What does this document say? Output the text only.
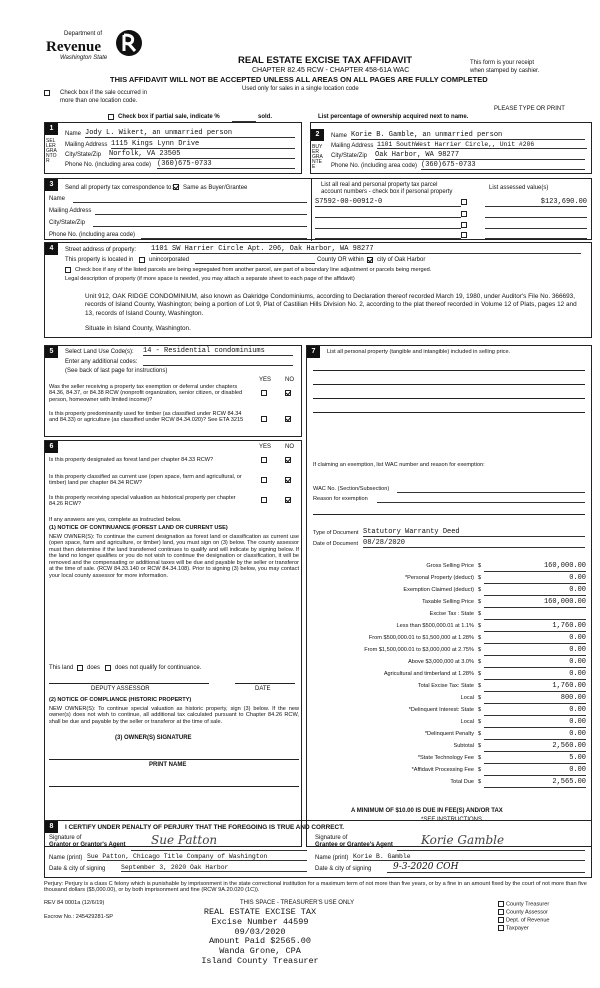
Department of
Revenue
Washington State	REAL ESTATE EXCISE TAX AFFIDAVIT
CHAPTER 82.45 RCW - CHAPTER 458-61A WAC
THIS AFFIDAVIT WILL NOT BE ACCEPTED UNLESS ALL AREAS ON ALL PAGES ARE FULLY COMPLETED
Used only for sales in a single location code
This form is your receipt
when stamped by cashier.
Check box if the sale occurred in
more than one location code.
PLEASE TYPE OR PRINT
Check box if partial sale, indicate %	sold.	List percentage of ownership acquired next to name.
1
SELLER GRANTOR
Name Jody L. Wikert, an unmarried person
Mailing Address 1115 Kings Lynn Drive
City/State/Zip Norfolk, VA 23505
Phone No. (including area code) (360)675-0733
2
BUYER GRANTEE
Name Korie B. Gamble, an unmarried person
Mailing Address 1101 SouthWest Harrier Circle,, Unit #206
City/State/Zip Oak Harbor, WA 98277
Phone No. (including area code) (360)675-0733
3	Send all property tax correspondence to: Same as Buyer/Grantee
Name
Mailing Address
City/State/Zip
Phone No. (including area code)
List all real and personal property tax parcel
account numbers - check box if personal property
List assessed value(s)
S7592-00-00912-0	$123,690.00
4	Street address of property: 1101 SW Harrier Circle Apt. 206, Oak Harbor, WA 98277
This property is located in	unincorporated	County OR within city of Oak Harbor
Check box if any of the listed parcels are being segregated from another parcel, are part of a boundary line adjustment or parcels being merged.
Legal description of property (if more space is needed, you may attach a separate sheet to each page of the affidavit)
Unit 912, OAK RIDGE CONDOMINIUM, also known as Oakridge Condominiums, according to Declaration thereof recorded March 19, 1980, under Auditor's File No. 366693, records of Island County, Washington; being a portion of Lot 9, Plat of Castilian Hills Division No. 2, according to the plat thereof recorded in Volume 12 of Plats, pages 12 and 13, records of Island County, Washington.
Situate in Island County, Washington.
5	Select Land Use Code(s): 14 - Residential condominiums
Enter any additional codes:
(See back of last page for instructions)
YES NO
Was the seller receiving a property tax exemption or deferral under chapters 84.36, 84.37, or 84.38 RCW (nonprofit organization, senior citizen, or disabled person, homeowner with limited income)?
Is this property predominantly used for timber (as classified under RCW 84.34 and 84.33) or agriculture (as classified under RCW 84.34.020)? See ETA 3215
6	YES NO
Is this property designated as forest land per chapter 84.33 RCW?
Is this property classified as current use (open space, farm and agricultural, or timber) land per chapter 84.34 RCW?
Is this property receiving special valuation as historical property per chapter 84.26 RCW?
If any answers are yes, complete as instructed below.
(1) NOTICE OF CONTINUANCE (FOREST LAND OR CURRENT USE)
NEW OWNER(S): To continue the current designation as forest land or classification as current use (open space, farm and agriculture, or timber) land, you must sign on (3) below. The county assessor must then determine if the land transferred continues to qualify and will indicate by signing below. If the land no longer qualifies or you do not wish to continue the designation or classification, it will be removed and the compensating or additional taxes will be due and payable by the seller or transferor at the time of sale. (RCW 84.33.140 or RCW 84.34.108). Prior to signing (3) below, you may contact your local county assessor for more information.
This land does does not qualify for continuance.
DEPUTY ASSESSOR	DATE
(2) NOTICE OF COMPLIANCE (HISTORIC PROPERTY)
NEW OWNER(S): To continue special valuation as historic property, sign (3) below. If the new owner(s) does not wish to continue, all additional tax calculated pursuant to Chapter 84.26 RCW, shall be due and payable by the seller or transferor at the time of sale.
(3) OWNER(S) SIGNATURE
PRINT NAME
7	List all personal property (tangible and intangible) included in selling price.
If claiming an exemption, list WAC number and reason for exemption:
WAC No. (Section/Subsection)
Reason for exemption
Type of Document Statutory Warranty Deed
Date of Document 08/28/2020
A MINIMUM OF $10.00 IS DUE IN FEE(S) AND/OR TAX
*SEE INSTRUCTIONS
Gross Selling Price $	160,000.00
*Personal Property (deduct) $	0.00
Exemption Claimed (deduct) $	0.00
Taxable Selling Price $	160,000.00
Excise Tax : State $
Less than $500,000.01 at 1.1% $	1,760.00
From $500,000.01 to $1,500,000 at 1.28% $	0.00
From $1,500,000.01 to $3,000,000 at 2.75% $	0.00
Above $3,000,000 at 3.0% $	0.00
Agricultural and timberland at 1.28% $	0.00
Total Excise Tax: State $	1,760.00
Local $	800.00
*Delinquent Interest: State $	0.00
Local $	0.00
*Delinquent Penalty $	0.00
Subtotal $	2,560.00
*State Technology Fee $	5.00
*Affidavit Processing Fee $	0.00
Total Due $	2,565.00
8	I CERTIFY UNDER PENALTY OF PERJURY THAT THE FOREGOING IS TRUE AND CORRECT.
Signature of
Grantor or Grantor's Agent Sue Patton
Name (print) Sue Patton, Chicago Title Company of Washington
Date & city of signing September 3, 2020 Oak Harbor
Signature of
Grantee or Grantee's Agent Korie Gamble
Name (print) Korie B. Gamble
Date & city of signing	9-3-2020 COH
Perjury: Perjury is a class C felony which is punishable by imprisonment in the state correctional institution for a maximum term of not more than five years, or by a fine in an amount fixed by the court of not more than five thousand dollars ($5,000.00), or by both imprisonment and fine (RCW 9A.20.020 (1C)).
REV 84 0001a (12/6/19)	THIS SPACE - TREASURER'S USE ONLY
Escrow No.: 245429281-SP
County Treasurer
County Assessor
Dept. of Revenue
Taxpayer
REAL ESTATE EXCISE TAX
Excise Number 44599
09/03/2020
Amount Paid $2565.00
Wanda Grone, CPA
Island County Treasurer
